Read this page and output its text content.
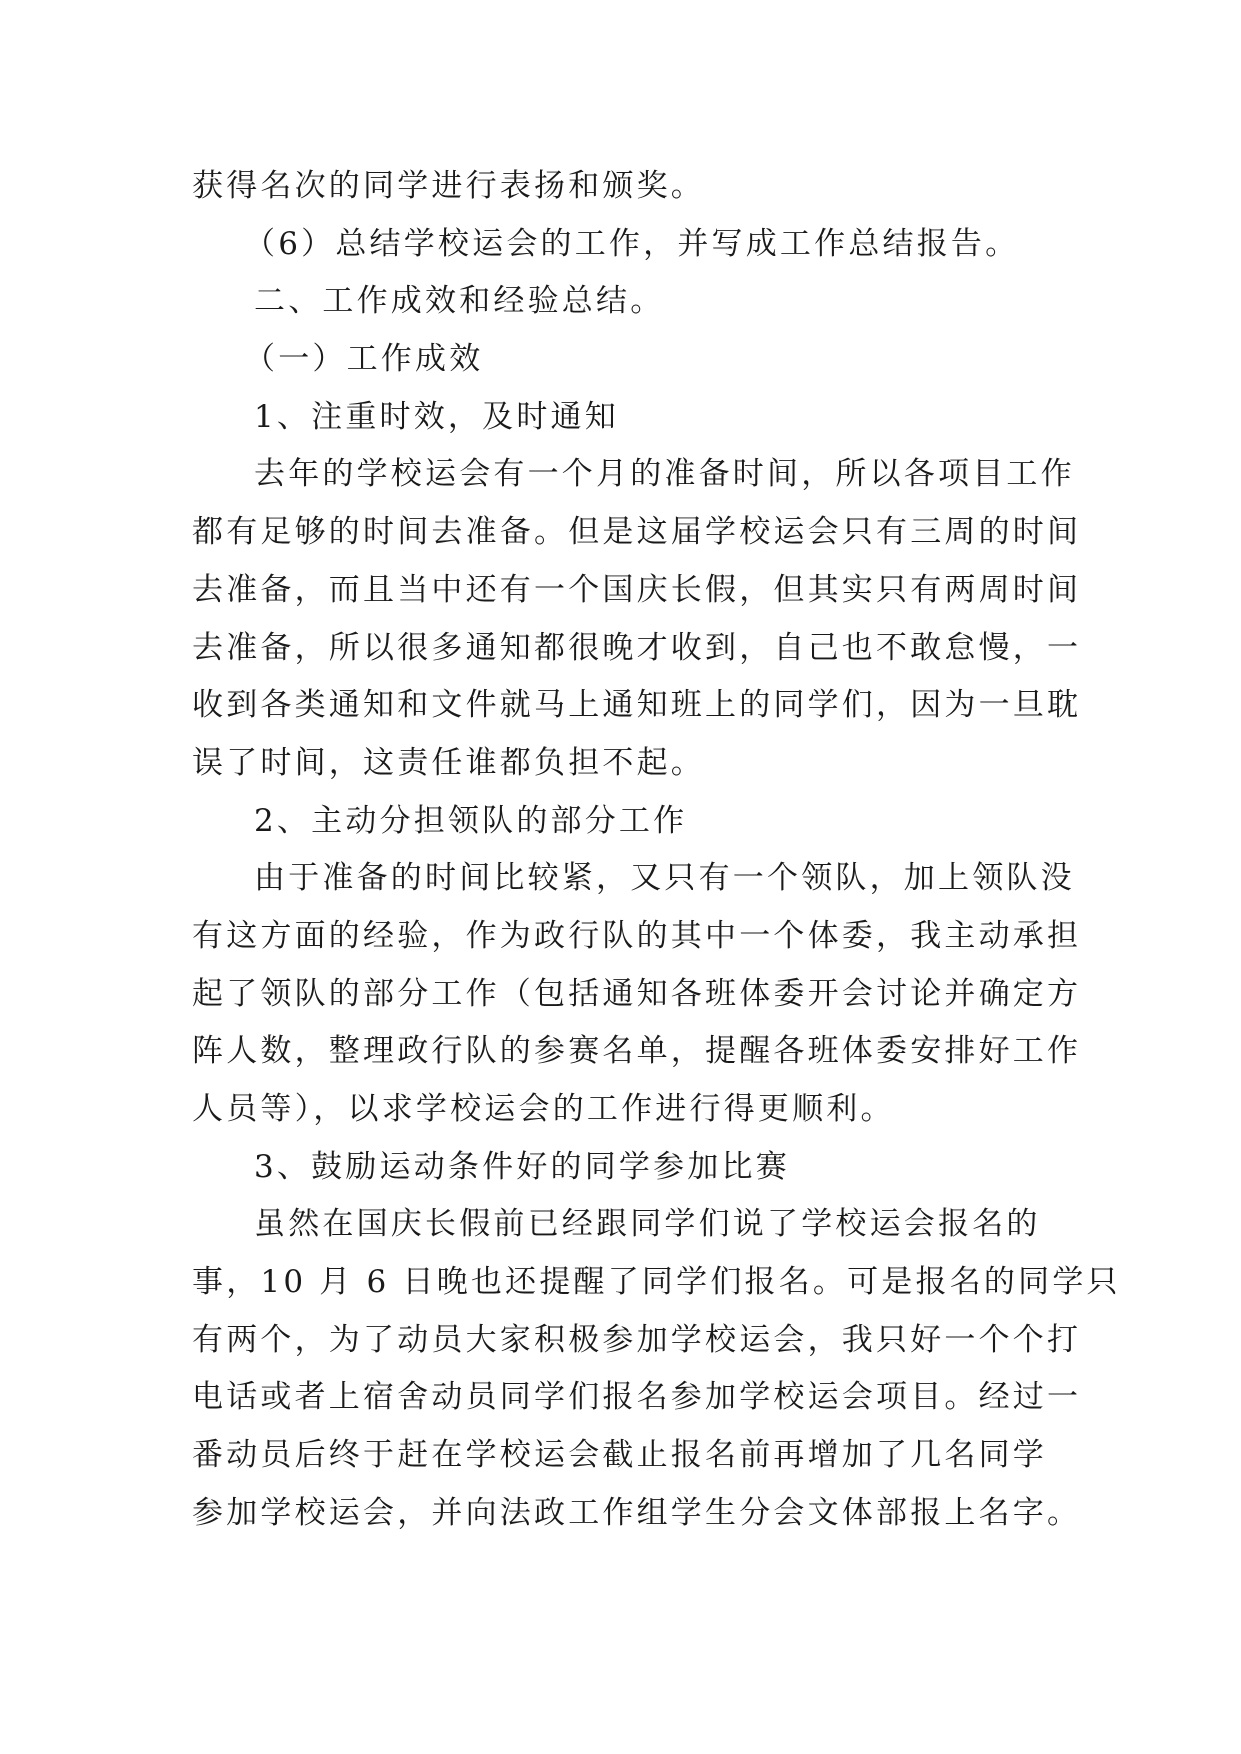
获得名次的同学进行表扬和颁奖。
（6）总结学校运会的工作，并写成工作总结报告。
二、工作成效和经验总结。
（一）工作成效
1、注重时效，及时通知
去年的学校运会有一个月的准备时间，所以各项目工作
都有足够的时间去准备。但是这届学校运会只有三周的时间
去准备，而且当中还有一个国庆长假，但其实只有两周时间
去准备，所以很多通知都很晚才收到，自己也不敢怠慢，一
收到各类通知和文件就马上通知班上的同学们，因为一旦耽
误了时间，这责任谁都负担不起。
2、主动分担领队的部分工作
由于准备的时间比较紧，又只有一个领队，加上领队没
有这方面的经验，作为政行队的其中一个体委，我主动承担
起了领队的部分工作（包括通知各班体委开会讨论并确定方
阵人数，整理政行队的参赛名单，提醒各班体委安排好工作
人员等），以求学校运会的工作进行得更顺利。
3、鼓励运动条件好的同学参加比赛
虽然在国庆长假前已经跟同学们说了学校运会报名的
事，10 月 6 日晚也还提醒了同学们报名。可是报名的同学只
有两个，为了动员大家积极参加学校运会，我只好一个个打
电话或者上宿舍动员同学们报名参加学校运会项目。经过一
番动员后终于赶在学校运会截止报名前再增加了几名同学
参加学校运会，并向法政工作组学生分会文体部报上名字。
